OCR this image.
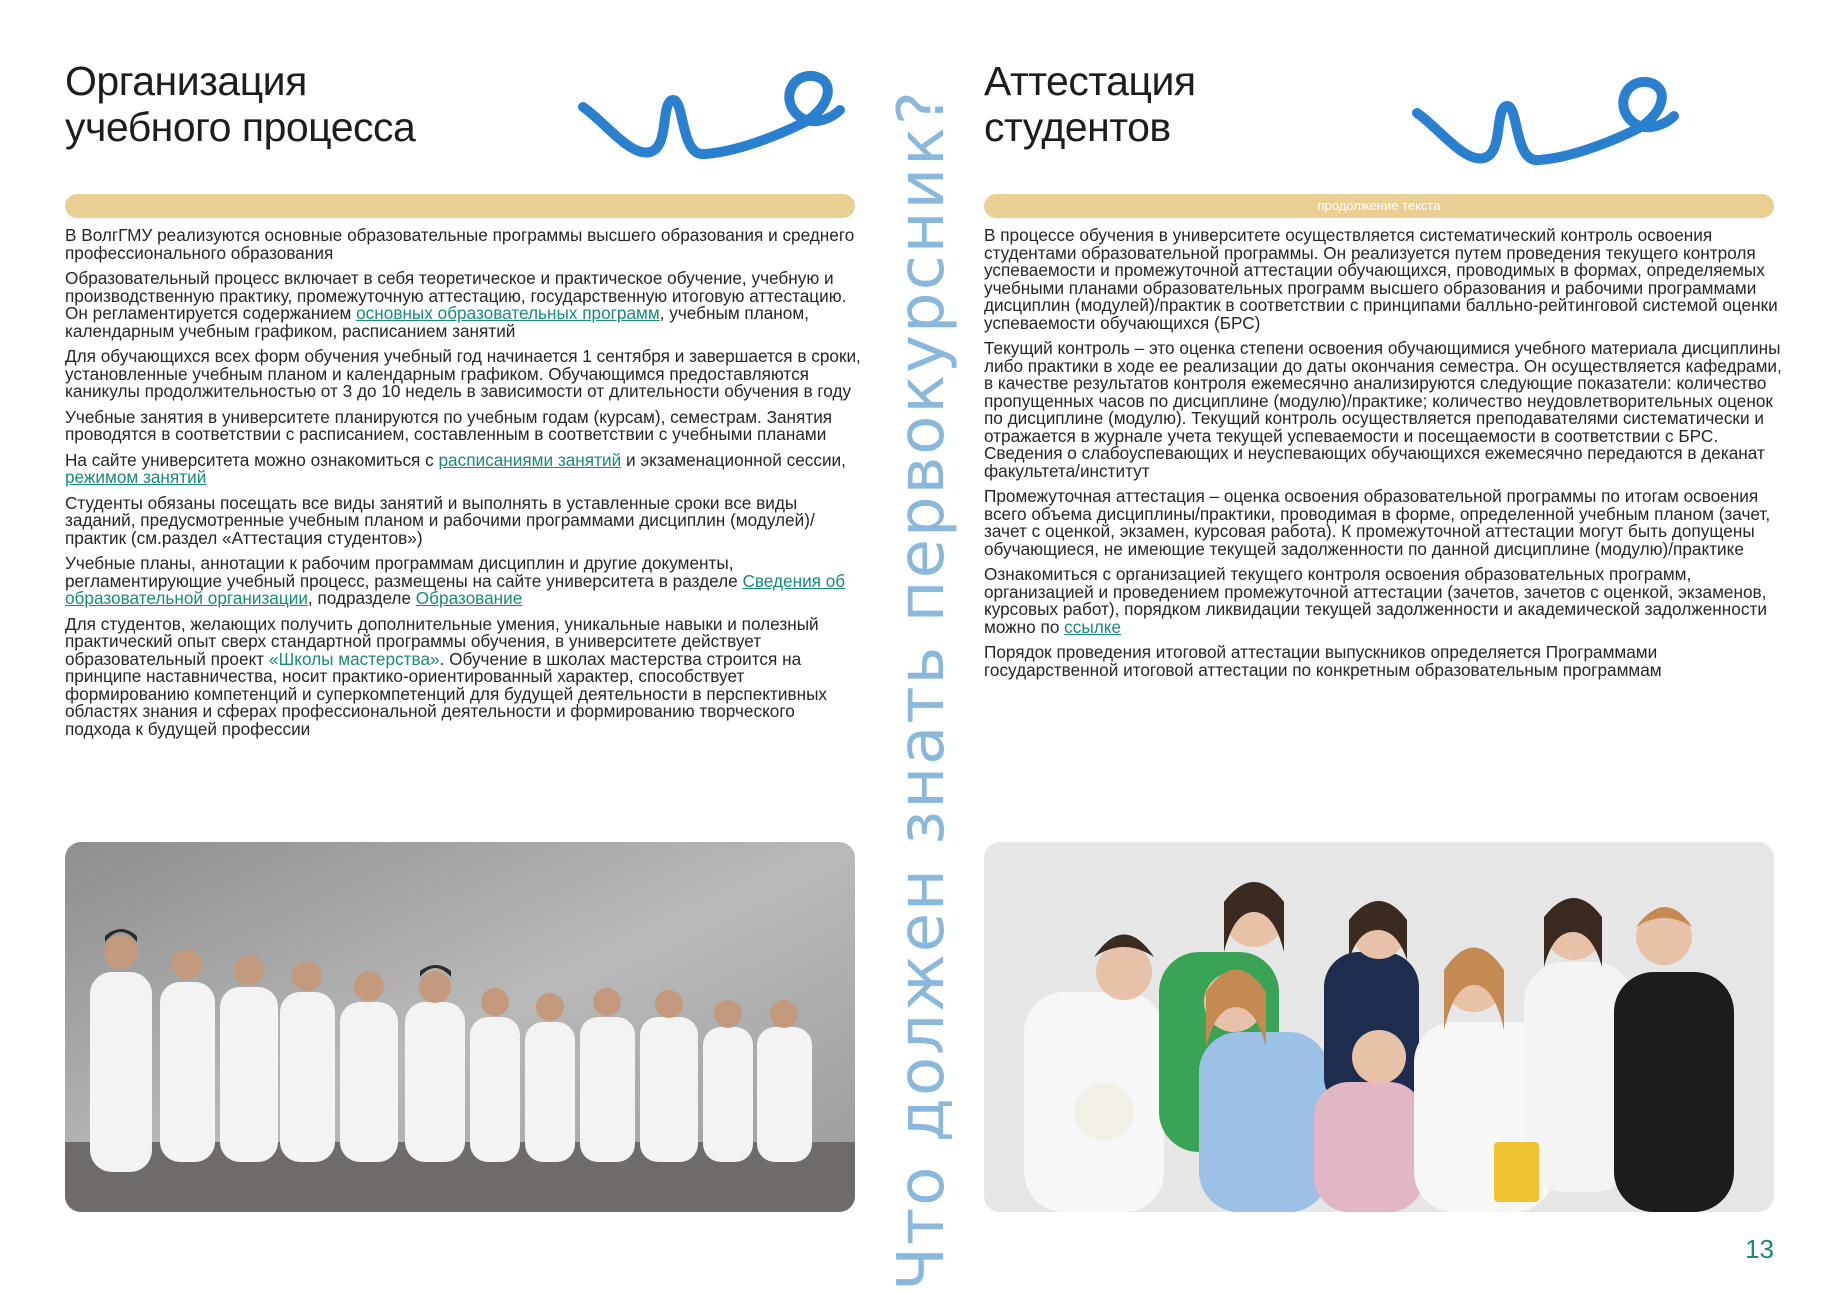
Организация
учебного процесса

В ВолгГМУ реализуются основные образовательные программы высшего образования и среднего профессионального образования

Образовательный процесс включает в себя теоретическое и практическое обучение, учебную и производственную практику, промежуточную аттестацию, государственную итоговую аттестацию. Он регламентируется содержанием основных образовательных программ, учебным планом, календарным учебным графиком, расписанием занятий

Для обучающихся всех форм обучения учебный год начинается 1 сентября и завершается в сроки, установленные учебным планом и календарным графиком. Обучающимся предоставляются каникулы продолжительностью от 3 до 10 недель в зависимости от длительности обучения в году

Учебные занятия в университете планируются по учебным годам (курсам), семестрам. Занятия проводятся в соответствии с расписанием, составленным в соответствии с учебными планами

На сайте университета можно ознакомиться с расписаниями занятий и экзаменационной сессии, режимом занятий

Студенты обязаны посещать все виды занятий и выполнять в уставленные сроки все виды заданий, предусмотренные учебным планом и рабочими программами дисциплин (модулей)/практик (см.раздел «Аттестация студентов»)

Учебные планы, аннотации к рабочим программам дисциплин и другие документы, регламентирующие учебный процесс, размещены на сайте университета в разделе Сведения об образовательной организации, подразделе Образование

Для студентов, желающих получить дополнительные умения, уникальные навыки и полезный практический опыт сверх стандартной программы обучения, в университете действует образовательный проект «Школы мастерства». Обучение в школах мастерства строится на принципе наставничества, носит практико-ориентированный характер, способствует формированию компетенций и суперкомпетенций для будущей деятельности в перспективных областях знания и сферах профессиональной деятельности и формированию творческого подхода к будущей профессии	Что должен знать первокурсник?
Аттестация
студентов
продолжение текста

В процессе обучения в университете осуществляется систематический контроль освоения студентами образовательной программы. Он реализуется путем проведения текущего контроля успеваемости и промежуточной аттестации обучающихся, проводимых в формах, определяемых учебными планами образовательных программ высшего образования и рабочими программами дисциплин (модулей)/практик в соответствии с принципами балльно-рейтинговой системой оценки успеваемости обучающихся (БРС)

Текущий контроль – это оценка степени освоения обучающимися учебного материала дисциплины либо практики в ходе ее реализации до даты окончания семестра. Он осуществляется кафедрами, в качестве результатов контроля ежемесячно анализируются следующие показатели: количество пропущенных часов по дисциплине (модулю)/практике; количество неудовлетворительных оценок по дисциплине (модулю). Текущий контроль осуществляется преподавателями систематически и отражается в журнале учета текущей успеваемости и посещаемости в соответствии с БРС. Сведения о слабоуспевающих и неуспевающих обучающихся ежемесячно передаются в деканат факультета/институт

Промежуточная аттестация – оценка освоения образовательной программы по итогам освоения всего объема дисциплины/практики, проводимая в форме, определенной учебным планом (зачет, зачет с оценкой, экзамен, курсовая работа). К промежуточной аттестации могут быть допущены обучающиеся, не имеющие текущей задолженности по данной дисциплине (модулю)/практике

Ознакомиться с организацией текущего контроля освоения образовательных программ, организацией и проведением промежуточной аттестации (зачетов, зачетов с оценкой, экзаменов, курсовых работ), порядком ликвидации текущей задолженности и академической задолженности можно по ссылке

Порядок проведения итоговой аттестации выпускников определяется Программами государственной итоговой аттестации по конкретным образовательным программам

13
